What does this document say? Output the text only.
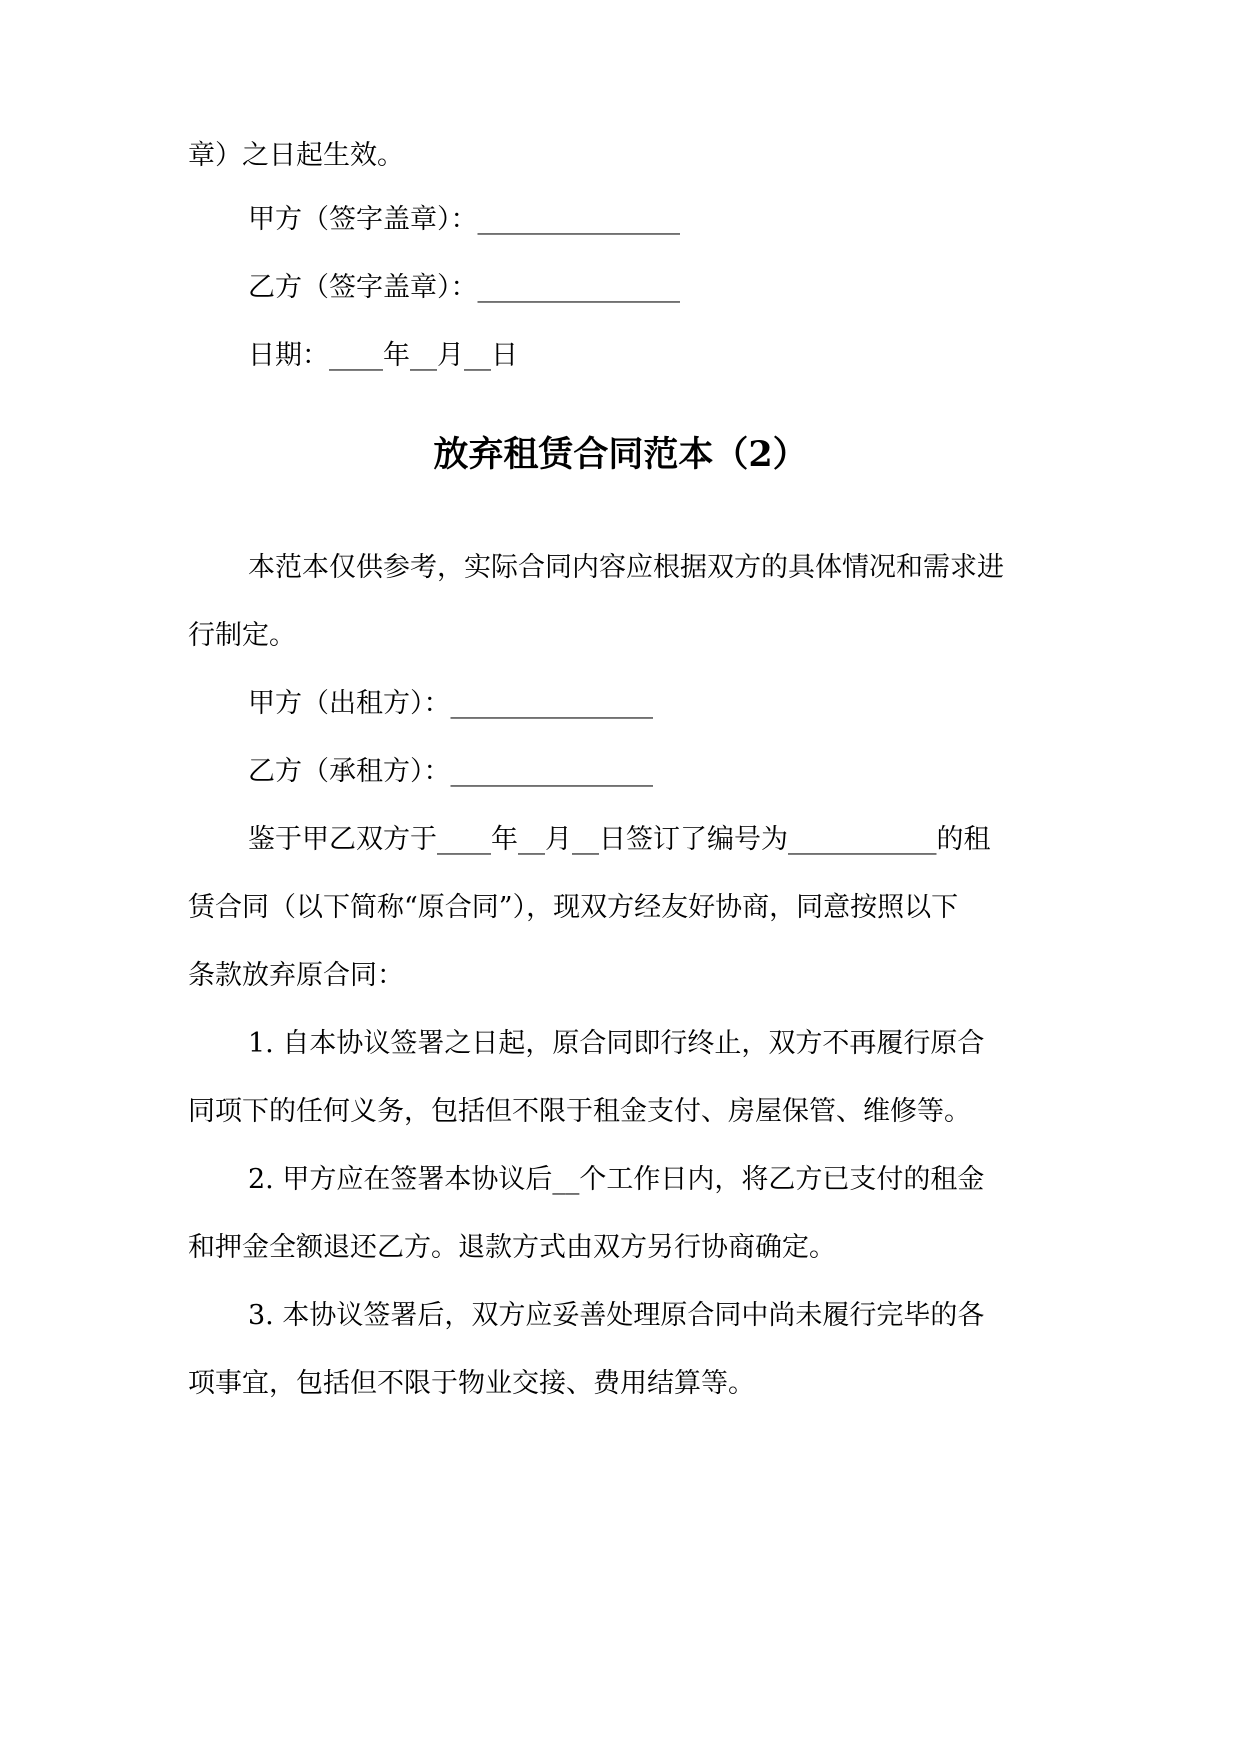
章）之日起生效。
甲方（签字盖章）：_______________
乙方（签字盖章）：_______________
日期：____年__月__日
放弃租赁合同范本（2）
本范本仅供参考，实际合同内容应根据双方的具体情况和需求进
行制定。
甲方（出租方）：_______________
乙方（承租方）：_______________
鉴于甲乙双方于____年__月__日签订了编号为___________的租
赁合同（以下简称“原合同”），现双方经友好协商，同意按照以下
条款放弃原合同：
1. 自本协议签署之日起，原合同即行终止，双方不再履行原合
同项下的任何义务，包括但不限于租金支付、房屋保管、维修等。
2. 甲方应在签署本协议后__个工作日内，将乙方已支付的租金
和押金全额退还乙方。退款方式由双方另行协商确定。
3. 本协议签署后，双方应妥善处理原合同中尚未履行完毕的各
项事宜，包括但不限于物业交接、费用结算等。
